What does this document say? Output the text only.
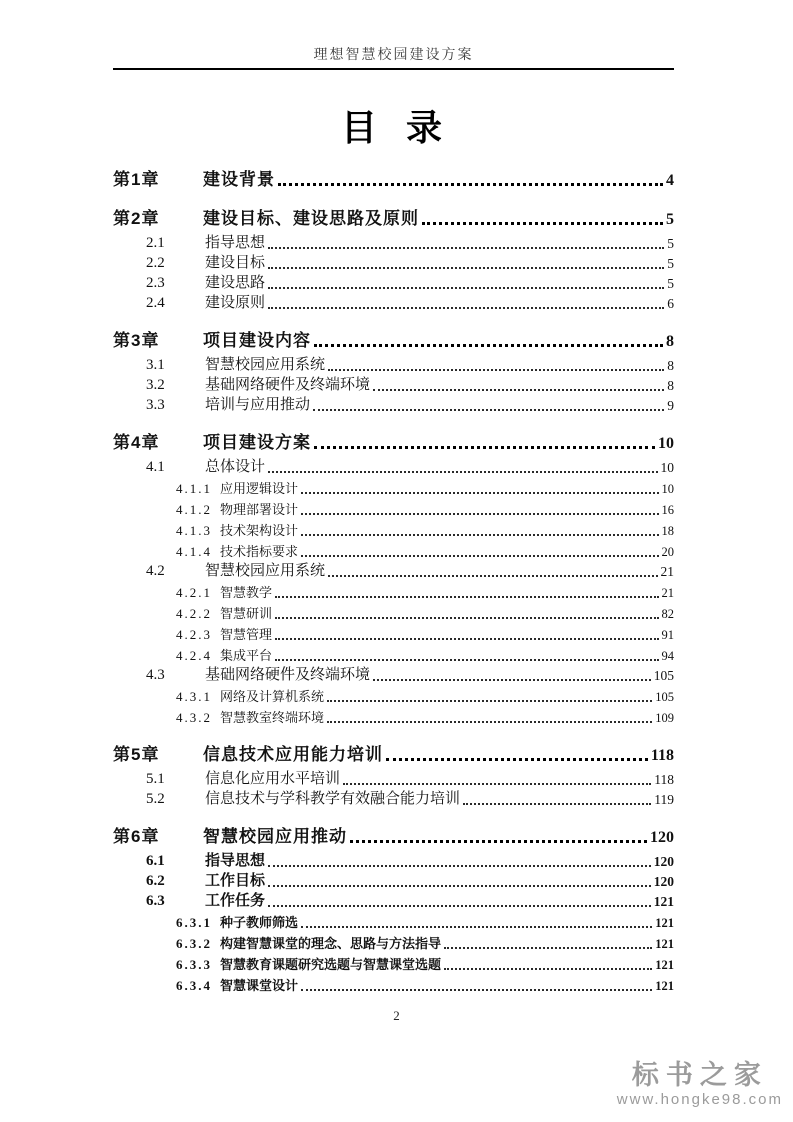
理想智慧校园建设方案
目 录
第1章	建设背景	4
第2章	建设目标、建设思路及原则	5
2.1	指导思想	5
2.2	建设目标	5
2.3	建设思路	5
2.4	建设原则	6
第3章	项目建设内容	8
3.1	智慧校园应用系统	8
3.2	基础网络硬件及终端环境	8
3.3	培训与应用推动	9
第4章	项目建设方案	10
4.1	总体设计	10
4.1.1 应用逻辑设计	10
4.1.2 物理部署设计	16
4.1.3 技术架构设计	18
4.1.4 技术指标要求	20
4.2	智慧校园应用系统	21
4.2.1 智慧教学	21
4.2.2 智慧研训	82
4.2.3 智慧管理	91
4.2.4 集成平台	94
4.3	基础网络硬件及终端环境	105
4.3.1 网络及计算机系统	105
4.3.2 智慧教室终端环境	109
第5章	信息技术应用能力培训	118
5.1	信息化应用水平培训	118
5.2	信息技术与学科教学有效融合能力培训	119
第6章	智慧校园应用推动	120
6.1	指导思想	120
6.2	工作目标	120
6.3	工作任务	121
6.3.1 种子教师筛选	121
6.3.2 构建智慧课堂的理念、思路与方法指导	121
6.3.3 智慧教育课题研究选题与智慧课堂选题	121
6.3.4 智慧课堂设计	121
2
标书之家
www.hongke98.com
